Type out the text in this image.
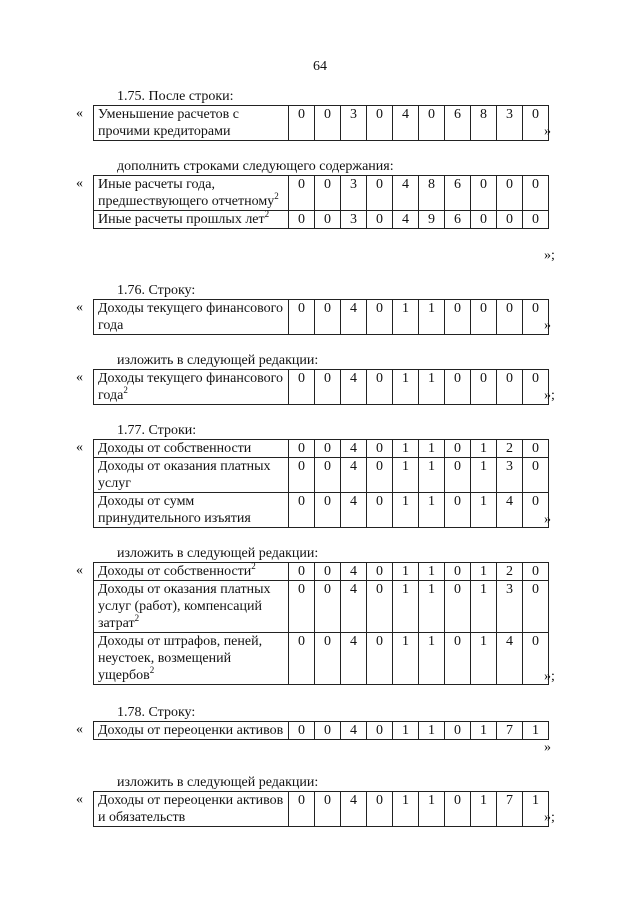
64
1.75. После строки:
«	Уменьшение расчетов с прочими кредиторами	0	0	3	0	4	0	6	8	3	0
»
дополнить строками следующего содержания:
«	Иные расчеты года, предшествующего отчетному$^2$	0	0	3	0	4	8	6	0	0	0
Иные расчеты прошлых лет$^2$	0	0	3	0	4	9	6	0	0	0
»;
1.76. Строку:
«	Доходы текущего финансового года	0	0	4	0	1	1	0	0	0	0
»
изложить в следующей редакции:
«	Доходы текущего финансового года$^2$	0	0	4	0	1	1	0	0	0	0
»;
1.77. Строки:
«	Доходы от собственности	0	0	4	0	1	1	0	1	2	0
Доходы от оказания платных услуг	0	0	4	0	1	1	0	1	3	0
Доходы от сумм принудительного изъятия	0	0	4	0	1	1	0	1	4	0
»
изложить в следующей редакции:
«	Доходы от собственности$^2$	0	0	4	0	1	1	0	1	2	0
Доходы от оказания платных услуг (работ), компенсаций затрат$^2$	0	0	4	0	1	1	0	1	3	0
Доходы от штрафов, пеней, неустоек, возмещений ущербов$^2$	0	0	4	0	1	1	0	1	4	0
»;
1.78. Строку:
«	Доходы от переоценки активов	0	0	4	0	1	1	0	1	7	1
»
изложить в следующей редакции:
«	Доходы от переоценки активов и обязательств	0	0	4	0	1	1	0	1	7	1
»;
